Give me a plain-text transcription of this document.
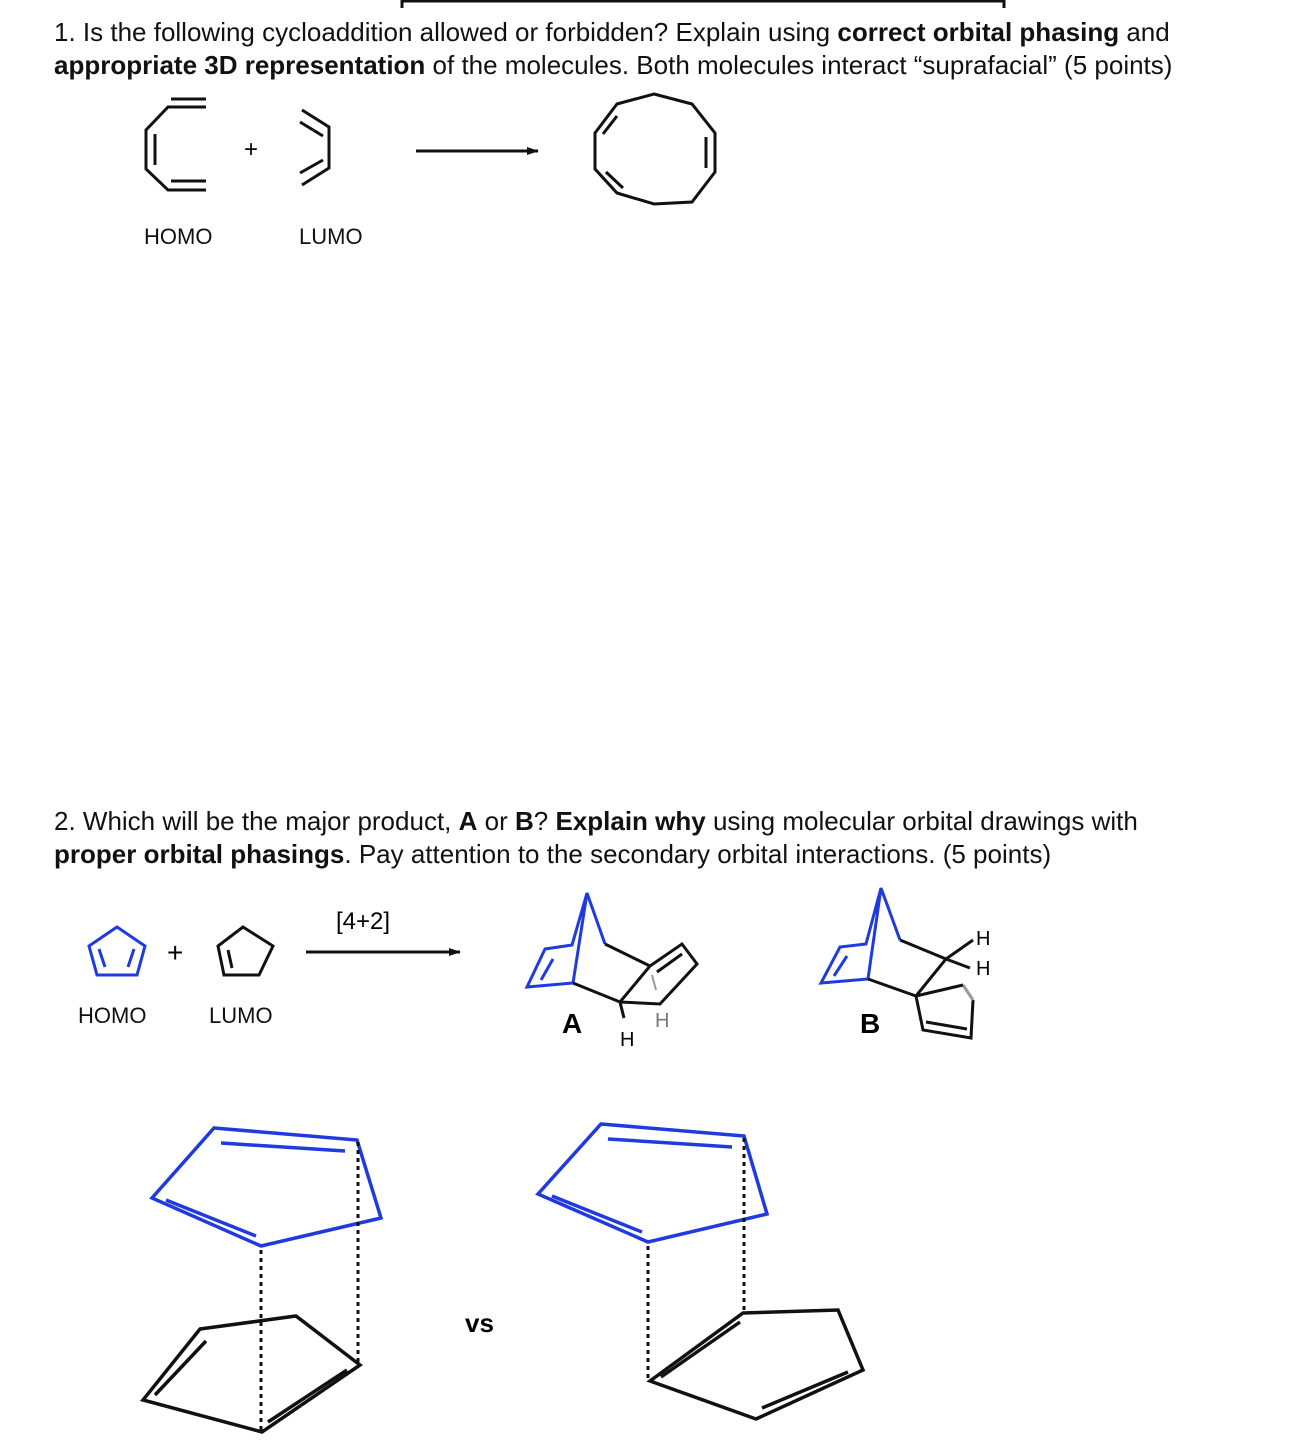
1. Is the following cycloaddition allowed or forbidden? Explain using correct orbital phasing and
appropriate 3D representation of the molecules. Both molecules interact “suprafacial” (5 points)
HOMO	LUMO
2. Which will be the major product, A or B? Explain why using molecular orbital drawings with
proper orbital phasings. Pay attention to the secondary orbital interactions. (5 points)
HOMO	LUMO
+
+
[4+2]
A
H
H
H
H
B
vs
